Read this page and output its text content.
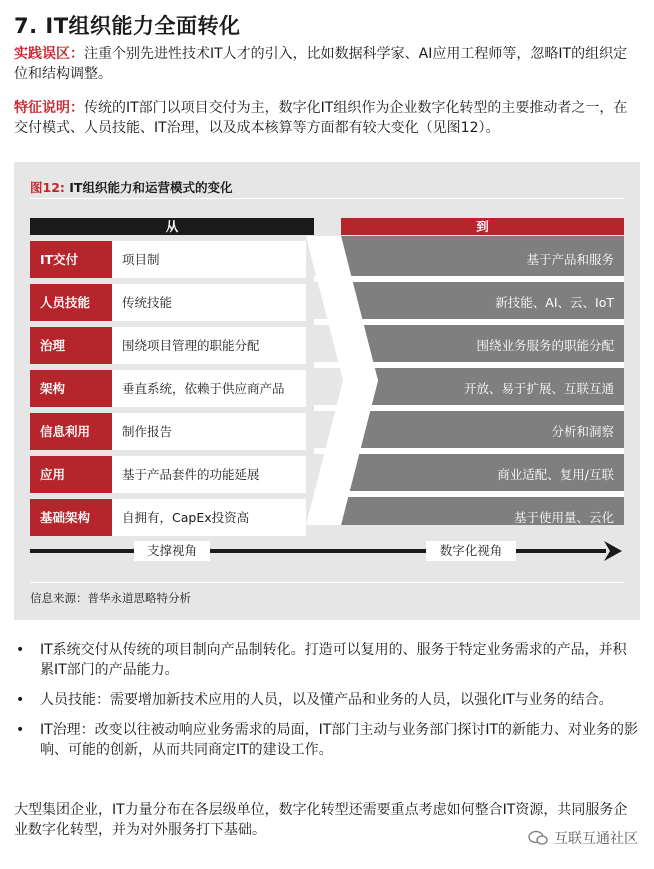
7. IT组织能力全面转化
实践误区：注重个别先进性技术IT人才的引入，比如数据科学家、AI应用工程师等，忽略IT的组织定位和结构调整。
特征说明：传统的IT部门以项目交付为主，数字化IT组织作为企业数字化转型的主要推动者之一，在交付模式、人员技能、IT治理，以及成本核算等方面都有较大变化（见图12）。
图12: IT组织能力和运营模式的变化
从	到
IT交付	项目制	基于产品和服务
人员技能	传统技能	新技能、AI、云、IoT
治理	围绕项目管理的职能分配	围绕业务服务的职能分配
架构	垂直系统，依赖于供应商产品	开放、易于扩展、互联互通
信息利用	制作报告	分析和洞察
应用	基于产品套件的功能延展	商业适配、复用/互联
基础架构	自拥有，CapEx投资高	基于使用量、云化
支撑视角	数字化视角
信息来源：普华永道思略特分析
• IT系统交付从传统的项目制向产品制转化。打造可以复用的、服务于特定业务需求的产品，并积累IT部门的产品能力。
• 人员技能：需要增加新技术应用的人员，以及懂产品和业务的人员，以强化IT与业务的结合。
• IT治理：改变以往被动响应业务需求的局面，IT部门主动与业务部门探讨IT的新能力、对业务的影响、可能的创新，从而共同商定IT的建设工作。
大型集团企业，IT力量分布在各层级单位，数字化转型还需要重点考虑如何整合IT资源，共同服务企业数字化转型，并为对外服务打下基础。
互联互通社区
